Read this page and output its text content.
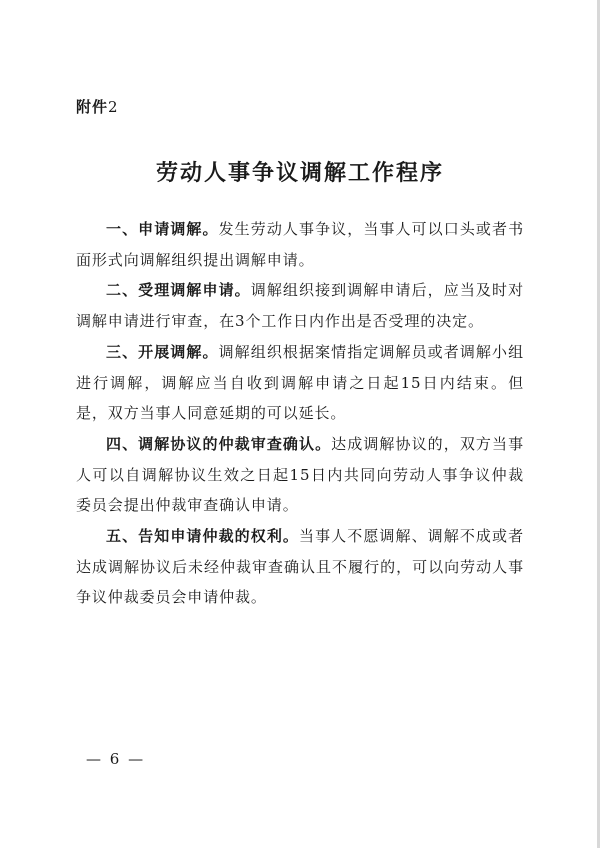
附件2
劳动人事争议调解工作程序

一、申请调解。发生劳动人事争议，当事人可以口头或者书面形式向调解组织提出调解申请。

二、受理调解申请。调解组织接到调解申请后，应当及时对调解申请进行审查，在3个工作日内作出是否受理的决定。

三、开展调解。调解组织根据案情指定调解员或者调解小组进行调解，调解应当自收到调解申请之日起15日内结束。但是，双方当事人同意延期的可以延长。

四、调解协议的仲裁审查确认。达成调解协议的，双方当事人可以自调解协议生效之日起15日内共同向劳动人事争议仲裁委员会提出仲裁审查确认申请。

五、告知申请仲裁的权利。当事人不愿调解、调解不成或者达成调解协议后未经仲裁审查确认且不履行的，可以向劳动人事争议仲裁委员会申请仲裁。

— 6 —
